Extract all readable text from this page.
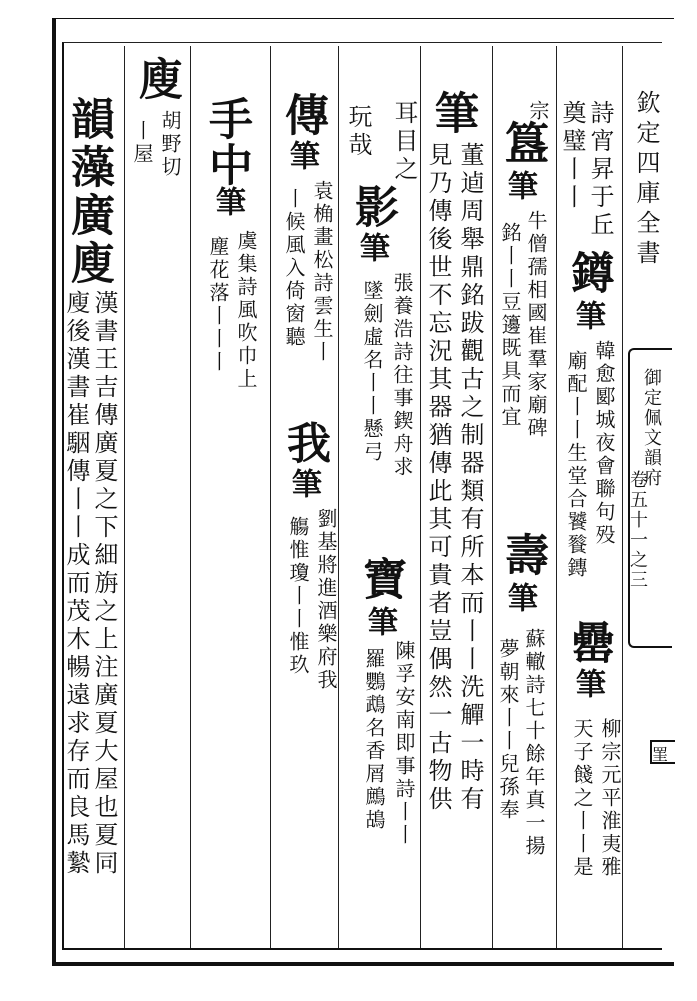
欽定四庫全書
御定佩文韻府
卷五十一之三
罣
詩宵昇于丘
奠璧丨丨
鐏
筆
韓愈郾城夜會聯句殁
廟配丨丨生堂合饕餮鏄
罍
筆
柳宗元平淮夷雅
天子餞之丨丨是
宗
簋
筆
牛僧孺相國崔羣家廟碑
銘丨丨豆籩既具而宜
壽
筆
蘇轍詩七十餘年真一揚
夢朝來丨丨兒孫奉
筆
董逌周舉鼎銘跋觀古之制器類有所本而丨丨洗觶一時有
見乃傳後世不忘況其器猶傳此其可貴者豈偶然一古物供
耳目之
影
筆
張養浩詩往事鍥舟求
墜劍虛名丨丨懸弓
寶
筆
陳孚安南即事詩丨丨
羅鸚鵡名香屑鷓鴣
玩哉
傳
筆
袁桷畫松詩雲生丨
丨候風入倚窗聽
我
筆
劉基將進酒樂府我
觴惟瓊丨丨惟玖
手中
筆
虞集詩風吹巾上
塵花落丨丨丨
廋
胡野切
丨屋
韻
藻
廣
廋
漢書王吉傳廣夏之下細旃之上注廣夏大屋也夏同
廋後漢書崔駰傳丨丨成而茂木暢遠求存而良馬縶
